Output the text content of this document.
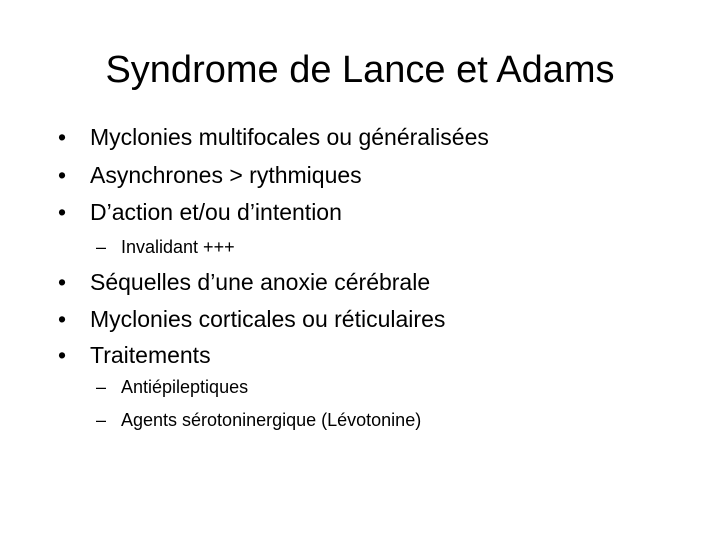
Syndrome de Lance et Adams
• Myclonies multifocales ou généralisées
• Asynchrones > rythmiques
• D’action et/ou d’intention
– Invalidant +++
• Séquelles d’une anoxie cérébrale
• Myclonies corticales ou réticulaires
• Traitements
– Antiépileptiques
– Agents sérotoninergique (Lévotonine)
